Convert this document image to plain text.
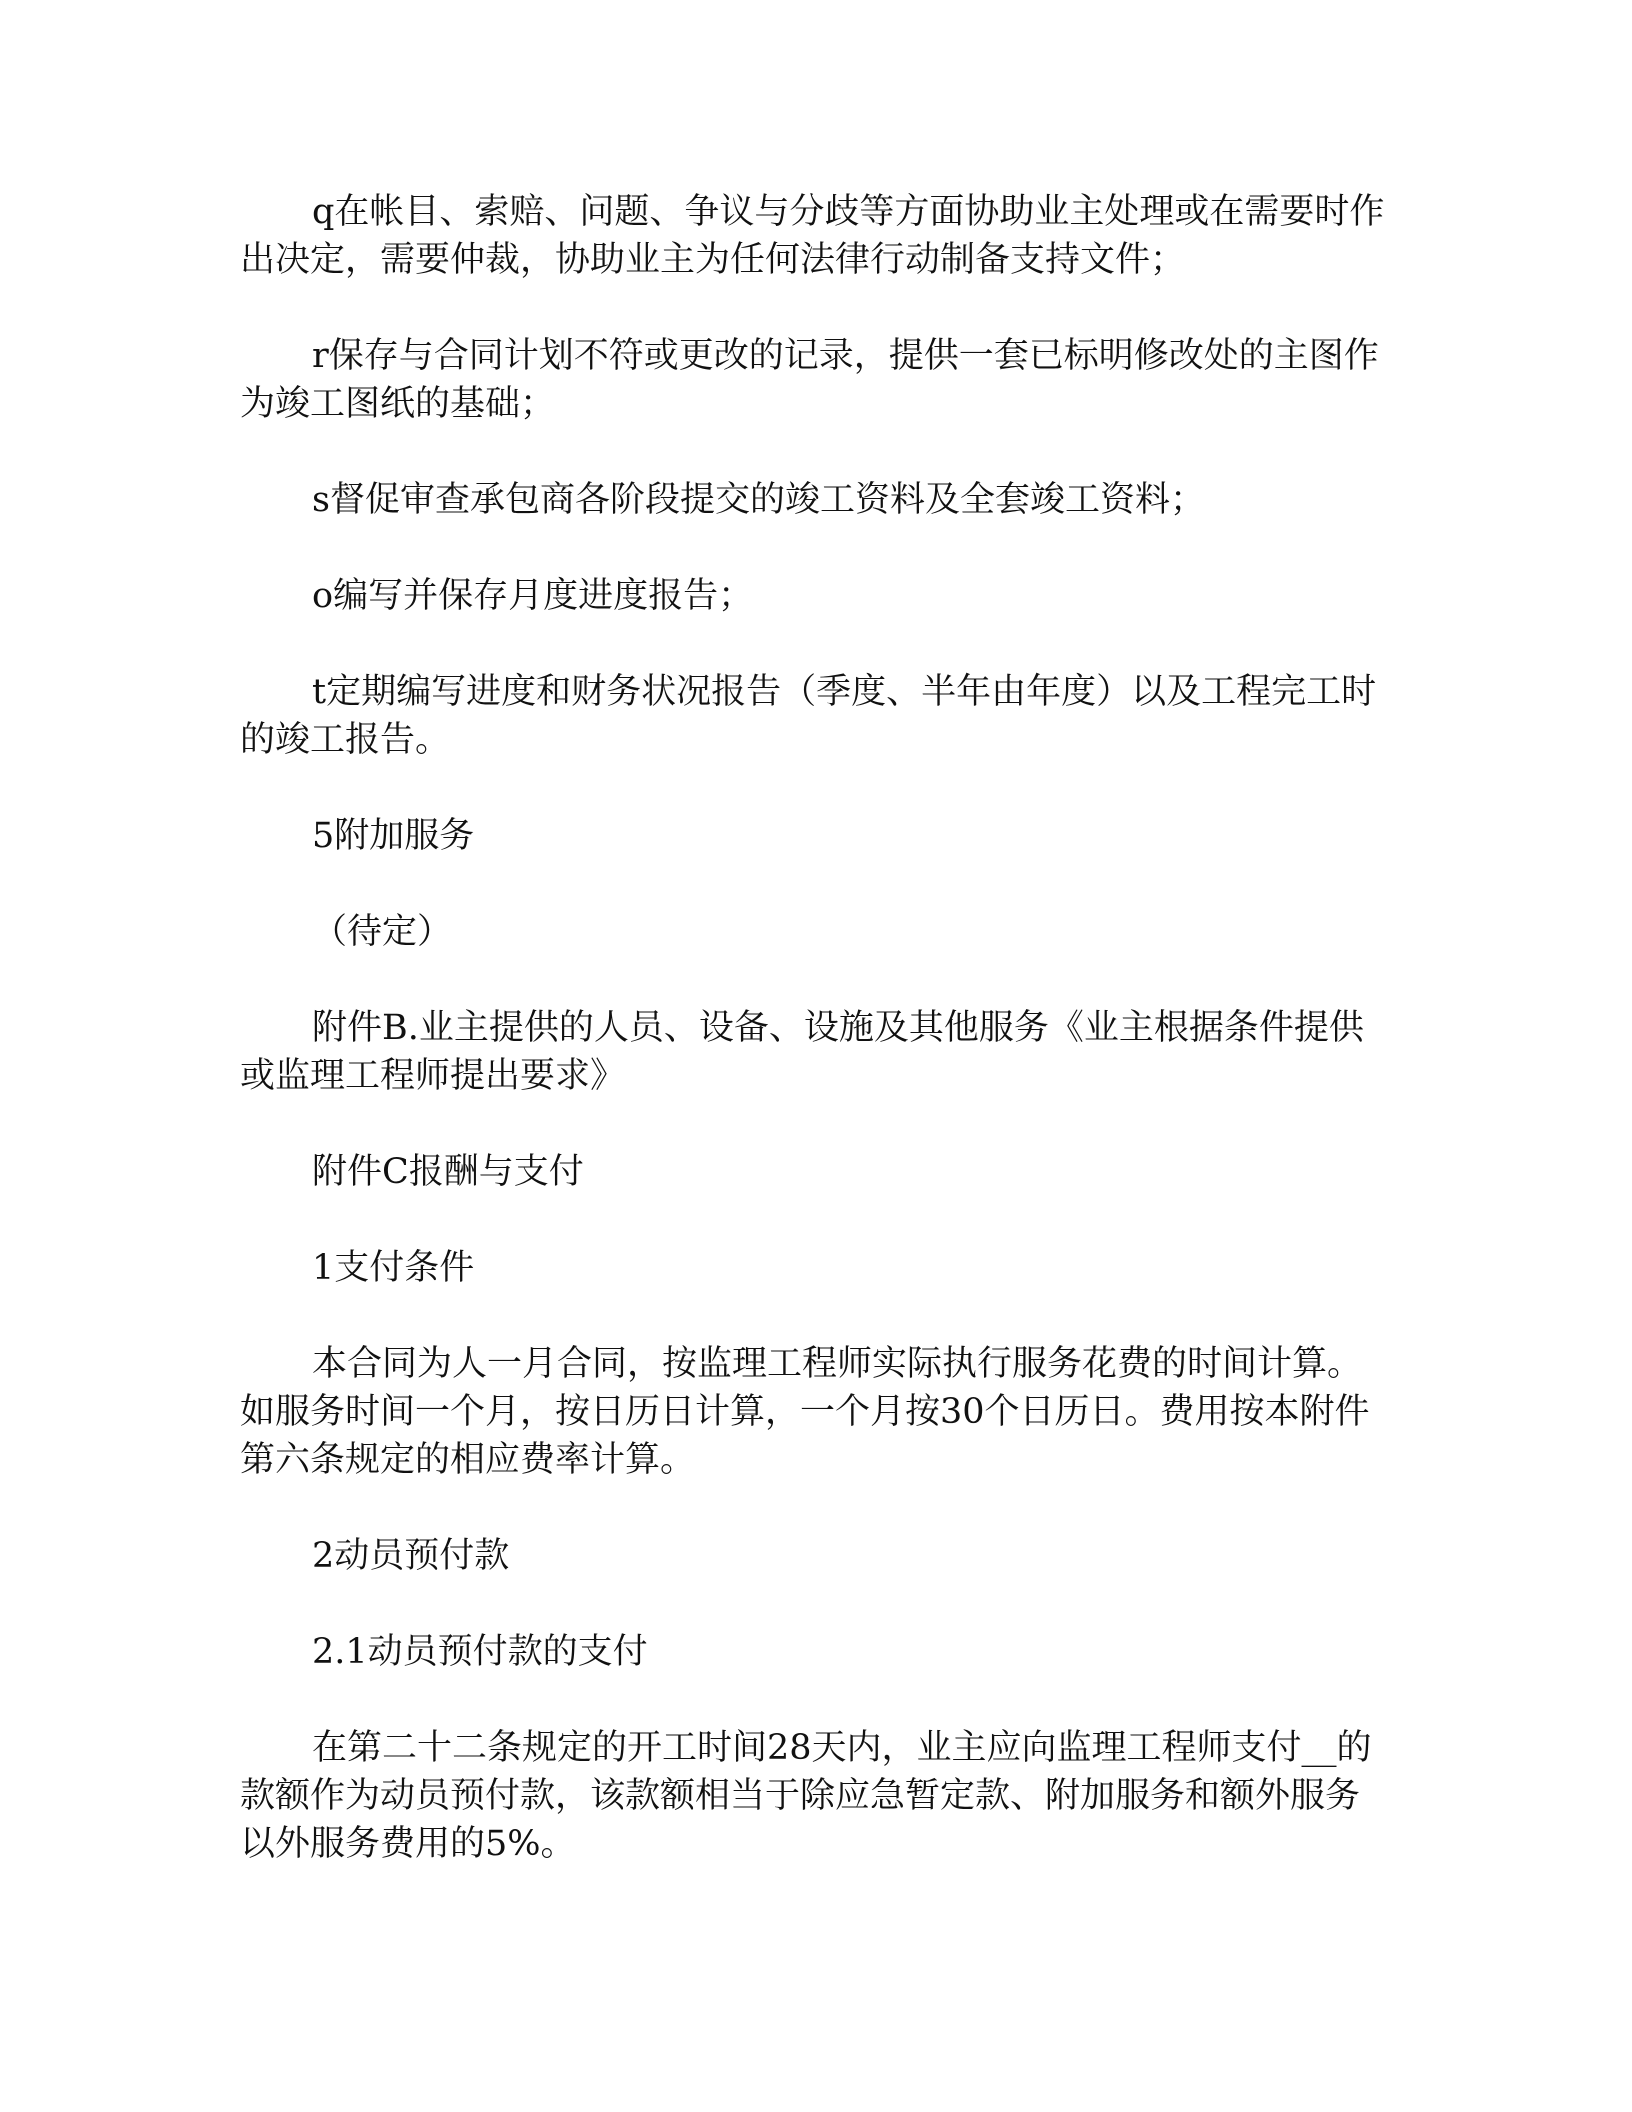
q在帐目、索赔、问题、争议与分歧等方面协助业主处理或在需要时作出决定，需要仲裁，协助业主为任何法律行动制备支持文件；

r保存与合同计划不符或更改的记录，提供一套已标明修改处的主图作为竣工图纸的基础；

s督促审查承包商各阶段提交的竣工资料及全套竣工资料；

o编写并保存月度进度报告；

t定期编写进度和财务状况报告（季度、半年由年度）以及工程完工时的竣工报告。

5附加服务

（待定）

附件B.业主提供的人员、设备、设施及其他服务《业主根据条件提供或监理工程师提出要求》

附件C报酬与支付

1支付条件

本合同为人一月合同，按监理工程师实际执行服务花费的时间计算。如服务时间一个月，按日历日计算，一个月按30个日历日。费用按本附件第六条规定的相应费率计算。

2动员预付款

2.1动员预付款的支付

在第二十二条规定的开工时间28天内，业主应向监理工程师支付__的款额作为动员预付款，该款额相当于除应急暂定款、附加服务和额外服务以外服务费用的5%。
